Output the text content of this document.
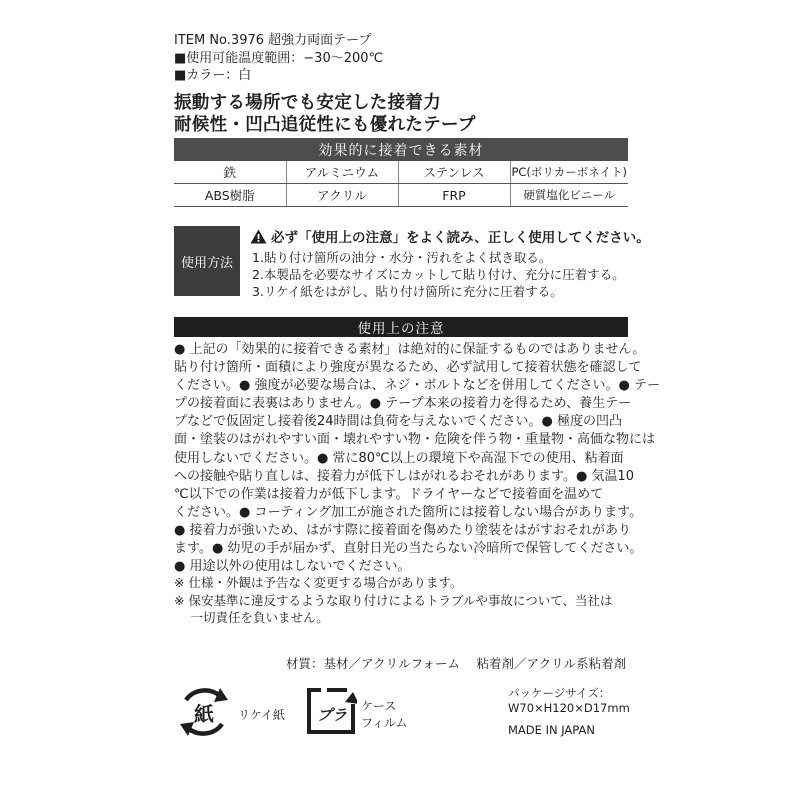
ITEM No.3976 超強力両面テープ
■使用可能温度範囲：−30〜200℃
■カラー：白
振動する場所でも安定した接着力
耐候性・凹凸追従性にも優れたテープ
効果的に接着できる素材			
鉄	アルミニウム	ステンレス	PC(ポリカーボネイト)
ABS樹脂	アクリル	FRP	硬質塩化ビニール
使用方法
必ず「使用上の注意」をよく読み、正しく使用してください。
1.貼り付け箇所の油分・水分・汚れをよく拭き取る。
2.本製品を必要なサイズにカットして貼り付け、充分に圧着する。
3.リケイ紙をはがし、貼り付け箇所に充分に圧着する。
使用上の注意
● 上記の「効果的に接着できる素材」は絶対的に保証するものではありません。
貼り付け箇所・面積により強度が異なるため、必ず試用して接着状態を確認して
ください。● 強度が必要な場合は、ネジ・ボルトなどを併用してください。● テー
プの接着面に表裏はありません。● テープ本来の接着力を得るため、養生テー
プなどで仮固定し接着後24時間は負荷を与えないでください。● 極度の凹凸
面・塗装のはがれやすい面・壊れやすい物・危険を伴う物・重量物・高価な物には
使用しないでください。● 常に80℃以上の環境下や高湿下での使用、粘着面
への接触や貼り直しは、接着力が低下しはがれるおそれがあります。● 気温10
℃以下での作業は接着力が低下します。ドライヤーなどで接着面を温めて
ください。● コーティング加工が施された箇所には接着しない場合があります。
● 接着力が強いため、はがす際に接着面を傷めたり塗装をはがすおそれがあり
ます。● 幼児の手が届かず、直射日光の当たらない冷暗所で保管してください。
● 用途以外の使用はしないでください。
※ 仕様・外観は予告なく変更する場合があります。
※ 保安基準に違反するような取り付けによるトラブルや事故について、当社は
　 一切責任を負いません。
材質：基材／アクリルフォーム　 粘着剤／アクリル系粘着剤
紙 リケイ紙 プラ ケース
フィルム
パッケージサイズ：
W70×H120×D17mm
MADE IN JAPAN
